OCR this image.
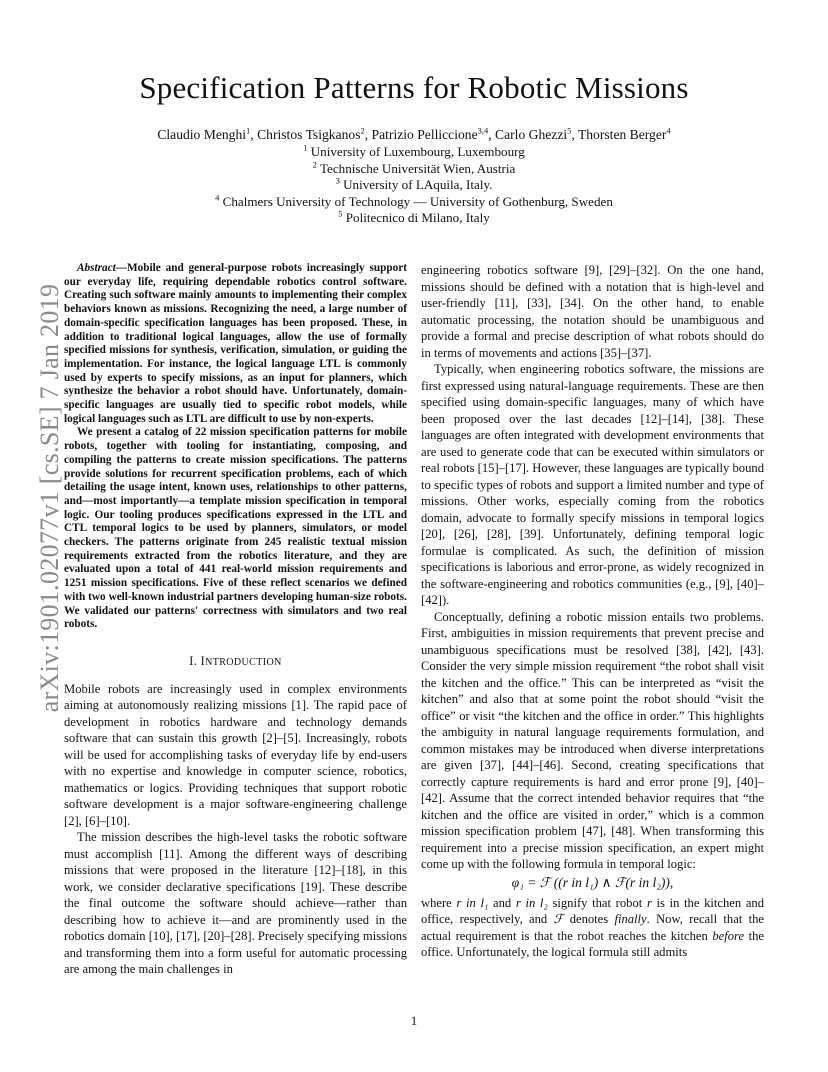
Specification Patterns for Robotic Missions
Claudio Menghi$^1$, Christos Tsigkanos$^2$, Patrizio Pelliccione$^{3,4}$, Carlo Ghezzi$^5$, Thorsten Berger$^4$
$^1$ University of Luxembourg, Luxembourg
$^2$ Technische Universität Wien, Austria
$^3$ University of LAquila, Italy.
$^4$ Chalmers University of Technology — University of Gothenburg, Sweden
$^5$ Politecnico di Milano, Italy
arXiv:1901.02077v1 [cs.SE] 7 Jan 2019

Abstract—Mobile and general-purpose robots increasingly support our everyday life, requiring dependable robotics control software. Creating such software mainly amounts to implementing their complex behaviors known as missions. Recognizing the need, a large number of domain-specific specification languages has been proposed. These, in addition to traditional logical languages, allow the use of formally specified missions for synthesis, verification, simulation, or guiding the implementation. For instance, the logical language LTL is commonly used by experts to specify missions, as an input for planners, which synthesize the behavior a robot should have. Unfortunately, domain-specific languages are usually tied to specific robot models, while logical languages such as LTL are difficult to use by non-experts.

We present a catalog of 22 mission specification patterns for mobile robots, together with tooling for instantiating, composing, and compiling the patterns to create mission specifications. The patterns provide solutions for recurrent specification problems, each of which detailing the usage intent, known uses, relationships to other patterns, and—most importantly—a template mission specification in temporal logic. Our tooling produces specifications expressed in the LTL and CTL temporal logics to be used by planners, simulators, or model checkers. The patterns originate from 245 realistic textual mission requirements extracted from the robotics literature, and they are evaluated upon a total of 441 real-world mission requirements and 1251 mission specifications. Five of these reflect scenarios we defined with two well-known industrial partners developing human-size robots. We validated our patterns' correctness with simulators and two real robots.

I. INTRODUCTION

Mobile robots are increasingly used in complex environments aiming at autonomously realizing missions [1]. The rapid pace of development in robotics hardware and technology demands software that can sustain this growth [2]–[5]. Increasingly, robots will be used for accomplishing tasks of everyday life by end-users with no expertise and knowledge in computer science, robotics, mathematics or logics. Providing techniques that support robotic software development is a major software-engineering challenge [2], [6]–[10].

The mission describes the high-level tasks the robotic software must accomplish [11]. Among the different ways of describing missions that were proposed in the literature [12]–[18], in this work, we consider declarative specifications [19]. These describe the final outcome the software should achieve—rather than describing how to achieve it—and are prominently used in the robotics domain [10], [17], [20]–[28]. Precisely specifying missions and transforming them into a form useful for automatic processing are among the main challenges in

engineering robotics software [9], [29]–[32]. On the one hand, missions should be defined with a notation that is high-level and user-friendly [11], [33], [34]. On the other hand, to enable automatic processing, the notation should be unambiguous and provide a formal and precise description of what robots should do in terms of movements and actions [35]–[37].

Typically, when engineering robotics software, the missions are first expressed using natural-language requirements. These are then specified using domain-specific languages, many of which have been proposed over the last decades [12]–[14], [38]. These languages are often integrated with development environments that are used to generate code that can be executed within simulators or real robots [15]–[17]. However, these languages are typically bound to specific types of robots and support a limited number and type of missions. Other works, especially coming from the robotics domain, advocate to formally specify missions in temporal logics [20], [26], [28], [39]. Unfortunately, defining temporal logic formulae is complicated. As such, the definition of mission specifications is laborious and error-prone, as widely recognized in the software-engineering and robotics communities (e.g., [9], [40]–[42]).

Conceptually, defining a robotic mission entails two problems. First, ambiguities in mission requirements that prevent precise and unambiguous specifications must be resolved [38], [42], [43]. Consider the very simple mission requirement “the robot shall visit the kitchen and the office.” This can be interpreted as “visit the kitchen” and also that at some point the robot should “visit the office” or visit “the kitchen and the office in order.” This highlights the ambiguity in natural language requirements formulation, and common mistakes may be introduced when diverse interpretations are given [37], [44]–[46]. Second, creating specifications that correctly capture requirements is hard and error prone [9], [40]–[42]. Assume that the correct intended behavior requires that “the kitchen and the office are visited in order,” which is a common mission specification problem [47], [48]. When transforming this requirement into a precise mission specification, an expert might come up with the following formula in temporal logic:

φ₁ = ℱ ((r in l₁) ∧ ℱ(r in l₂)),

where r in l₁ and r in l₂ signify that robot r is in the kitchen and office, respectively, and ℱ denotes finally. Now, recall that the actual requirement is that the robot reaches the kitchen before the office. Unfortunately, the logical formula still admits

1
